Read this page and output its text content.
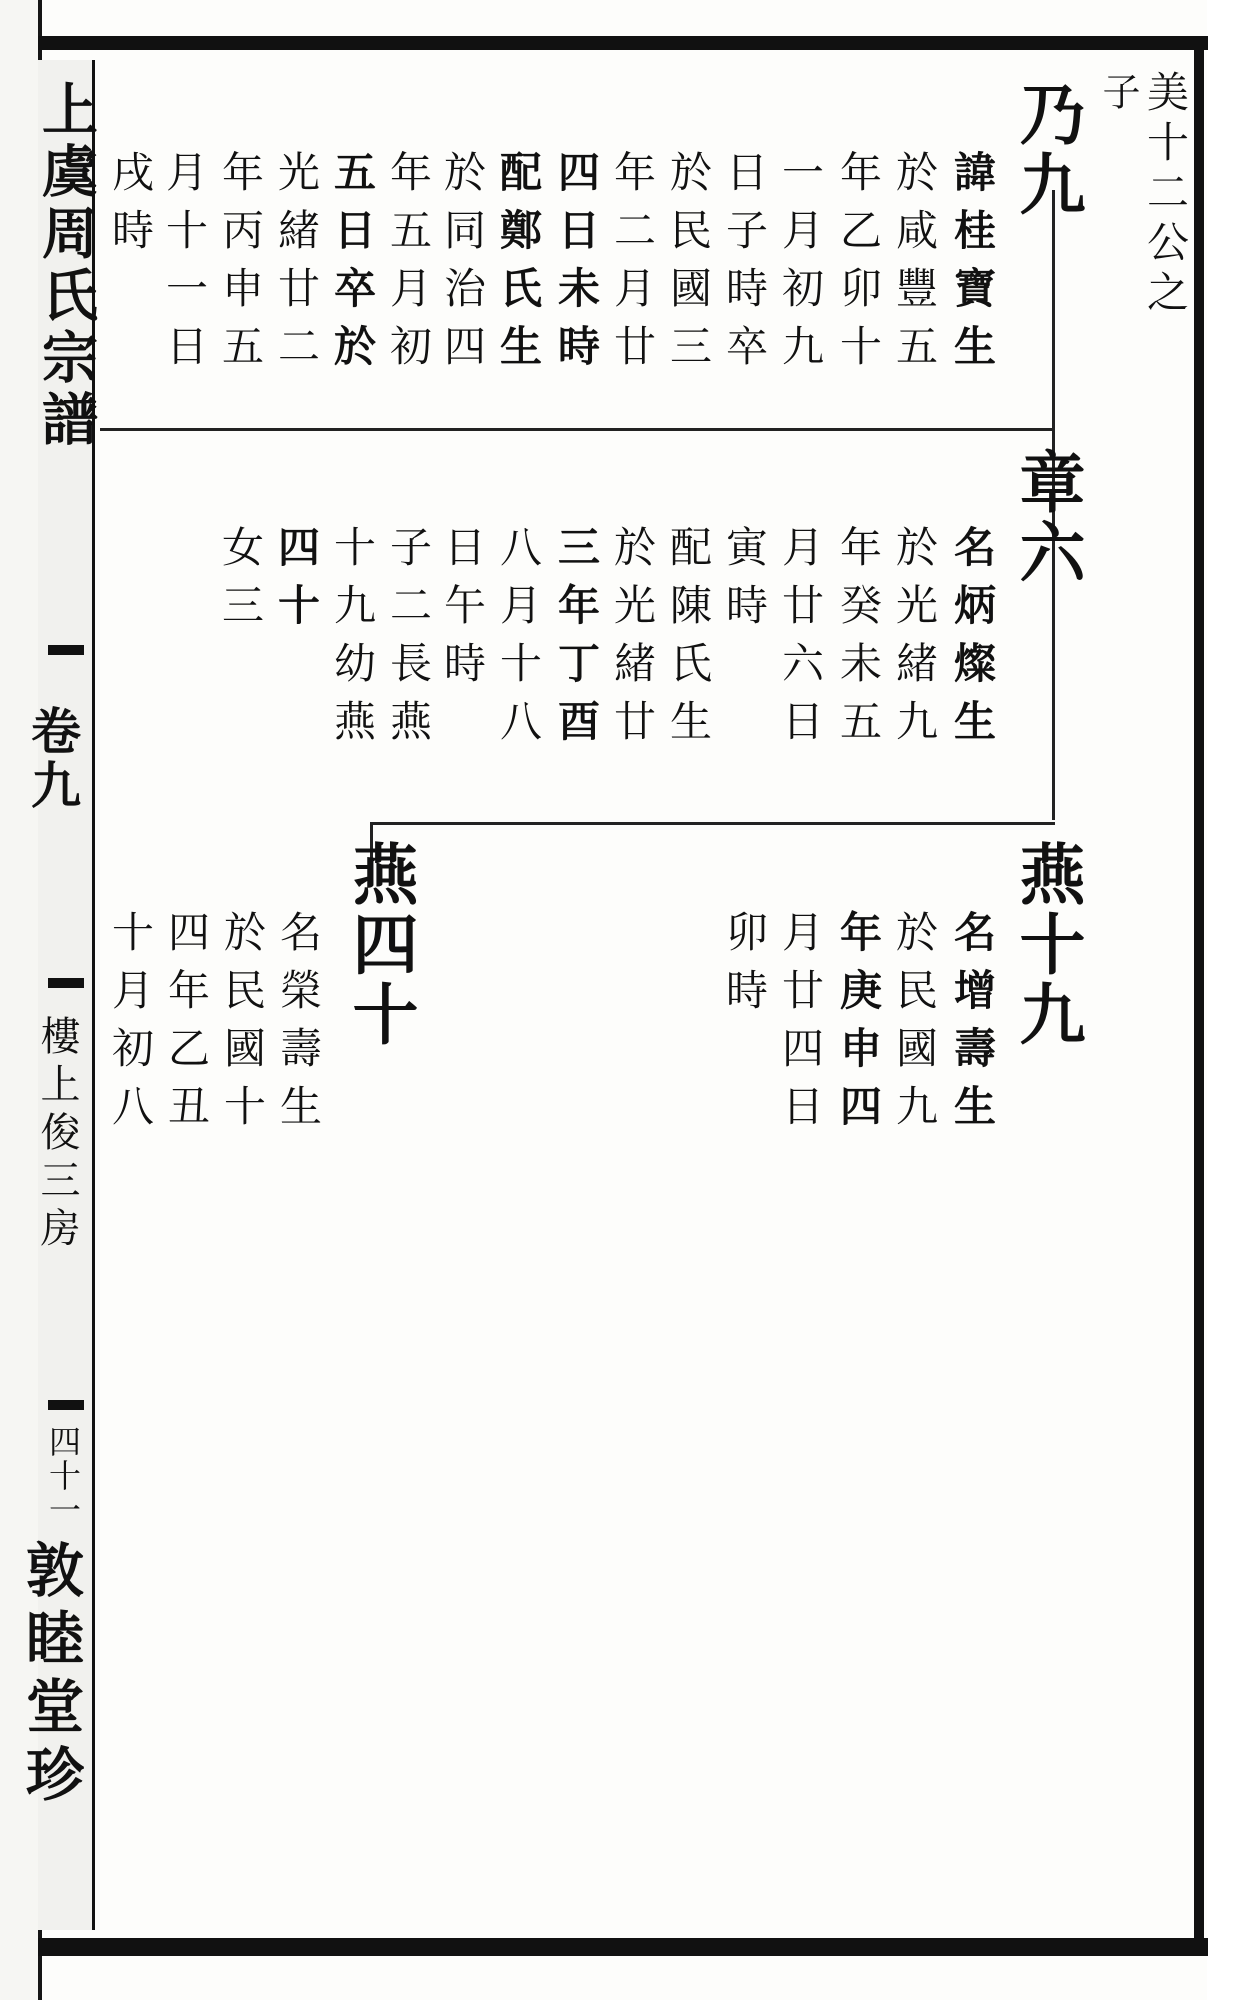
上虞周氏宗譜
卷九
樓上俊三房
四十一
敦睦堂珍
美十二公之
子
乃九
諱桂寶生
於咸豐五
年乙卯十
一月初九
日子時卒
於民國三
年二月廿
四日未時
配鄭氏生
於同治四
年五月初
五日卒於
光緒廿二
年丙申五
月十一日
戌時
章六
名炳燦生
於光緒九
年癸未五
月廿六日
寅時
配陳氏生
於光緒廿
三年丁酉
八月十八
日午時
子二長燕
十九幼燕
四十
女三
燕十九
名增壽生
於民國九
年庚申四
月廿四日
卯時
燕四十
名榮壽生
於民國十
四年乙丑
十月初八
